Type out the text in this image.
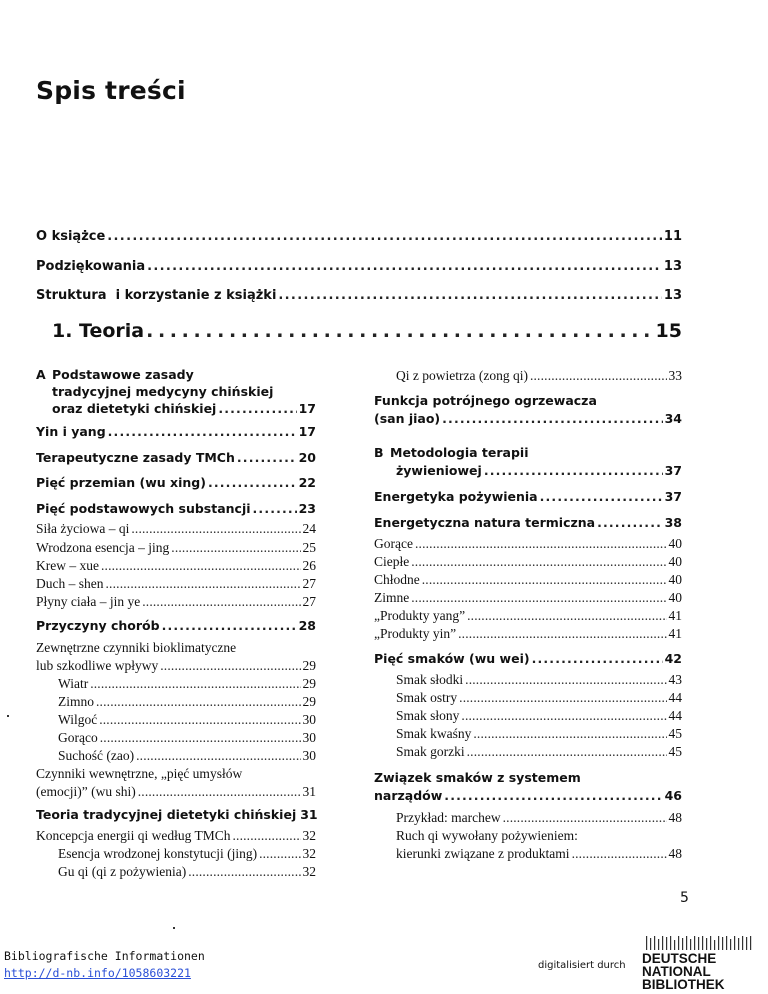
Spis treści
O książce . . .	11
Podziękowania . . .	13
Struktura  i korzystanie z książki . . .	13
1. Teoria . . .	15
A Podstawowe zasady
tradycyjnej medycyny chińskiej
oraz dietetyki chińskiej . . .	17
Yin i yang . . .	17
Terapeutyczne zasady TMCh . . .	20
Pięć przemian (wu xing) . . .	22
Pięć podstawowych substancji . . .	23
Siła życiowa – qi . . .	24
Wrodzona esencja – jing . . .	25
Krew – xue . . .	26
Duch – shen . . .	27
Płyny ciała – jin ye . . .	27
Przyczyny chorób . . .	28
Zewnętrzne czynniki bioklimatyczne
lub szkodliwe wpływy . . .	29
Wiatr . . .	29
Zimno . . .	29
Wilgoć . . .	30
Gorąco . . .	30
Suchość (zao) . . .	30
Czynniki wewnętrzne, „pięć umysłów
(emocji)” (wu shi) . . .	31
Teoria tradycyjnej dietetyki chińskiej 31
Koncepcja energii qi według TMCh . . .	32
Esencja wrodzonej konstytucji (jing) . . .	32
Gu qi (qi z pożywienia) . . .	32
Qi z powietrza (zong qi) . . .	33
Funkcja potrójnego ogrzewacza
(san jiao) . . .	34
B Metodologia terapii
żywieniowej . . .	37
Energetyka pożywienia . . .	37
Energetyczna natura termiczna . . .	38
Gorące . . .	40
Ciepłe . . .	40
Chłodne . . .	40
Zimne . . .	40
„Produkty yang” . . .	41
„Produkty yin” . . .	41
Pięć smaków (wu wei) . . .	42
Smak słodki . . .	43
Smak ostry . . .	44
Smak słony . . .	44
Smak kwaśny . . .	45
Smak gorzki . . .	45
Związek smaków z systemem
narządów . . .	46
Przykład: marchew . . .	48
Ruch qi wywołany pożywieniem:
kierunki związane z produktami . . .	48
5
Bibliografische Informationen
http://d-nb.info/1058603221
digitalisiert durch DEUTSCHE
NATIONAL
BIBLIOTHEK
